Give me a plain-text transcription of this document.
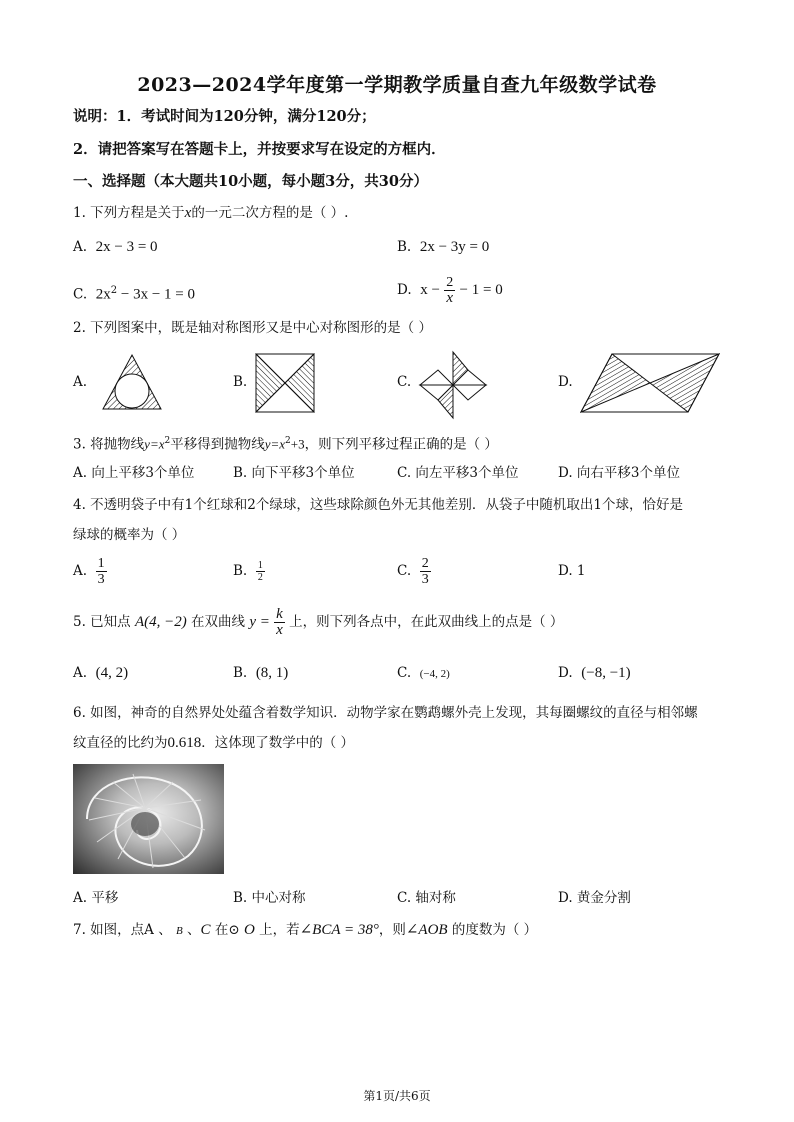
2023—2024学年度第一学期教学质量自查九年级数学试卷
说明：1．考试时间为120分钟，满分120分；
2．请把答案写在答题卡上，并按要求写在设定的方框内．
一、选择题（本大题共10小题，每小题3分，共30分）
1. 下列方程是关于x的一元二次方程的是（ ）.
A. 2x − 3 = 0	B. 2x − 3y = 0
C. $2x^2 - 3x - 1 = 0$	D. $x - \frac{2}{x} - 1 = 0$
2. 下列图案中，既是轴对称图形又是中心对称图形的是（ ）
A.	B.	C.	D.
3. 将抛物线$y=x^2$平移得到抛物线$y=x^2+3$，则下列平移过程正确的是（ ）
A. 向上平移3个单位	B. 向下平移3个单位	C. 向左平移3个单位	D. 向右平移3个单位
4. 不透明袋子中有1个红球和2个绿球，这些球除颜色外无其他差别．从袋子中随机取出1个球，恰好是
绿球的概率为（ ）
A. $\frac{1}{3}$	B. $\frac{1}{2}$	C. $\frac{2}{3}$	D. 1
5. 已知点 A(4, −2) 在双曲线 $y = \frac{k}{x}$ 上，则下列各点中，在此双曲线上的点是（ ）
A. (4, 2)	B. (8, 1)	C. (−4, 2)	D. (−8, −1)
6. 如图，神奇的自然界处处蕴含着数学知识．动物学家在鹦鹉螺外壳上发现，其每圈螺纹的直径与相邻螺
纹直径的比约为0.618．这体现了数学中的（ ）
A. 平移	B. 中心对称	C. 轴对称	D. 黄金分割
7. 如图，点A 、 B 、C 在⊙ O 上，若∠BCA = 38°，则∠AOB 的度数为（ ）
第1页/共6页
